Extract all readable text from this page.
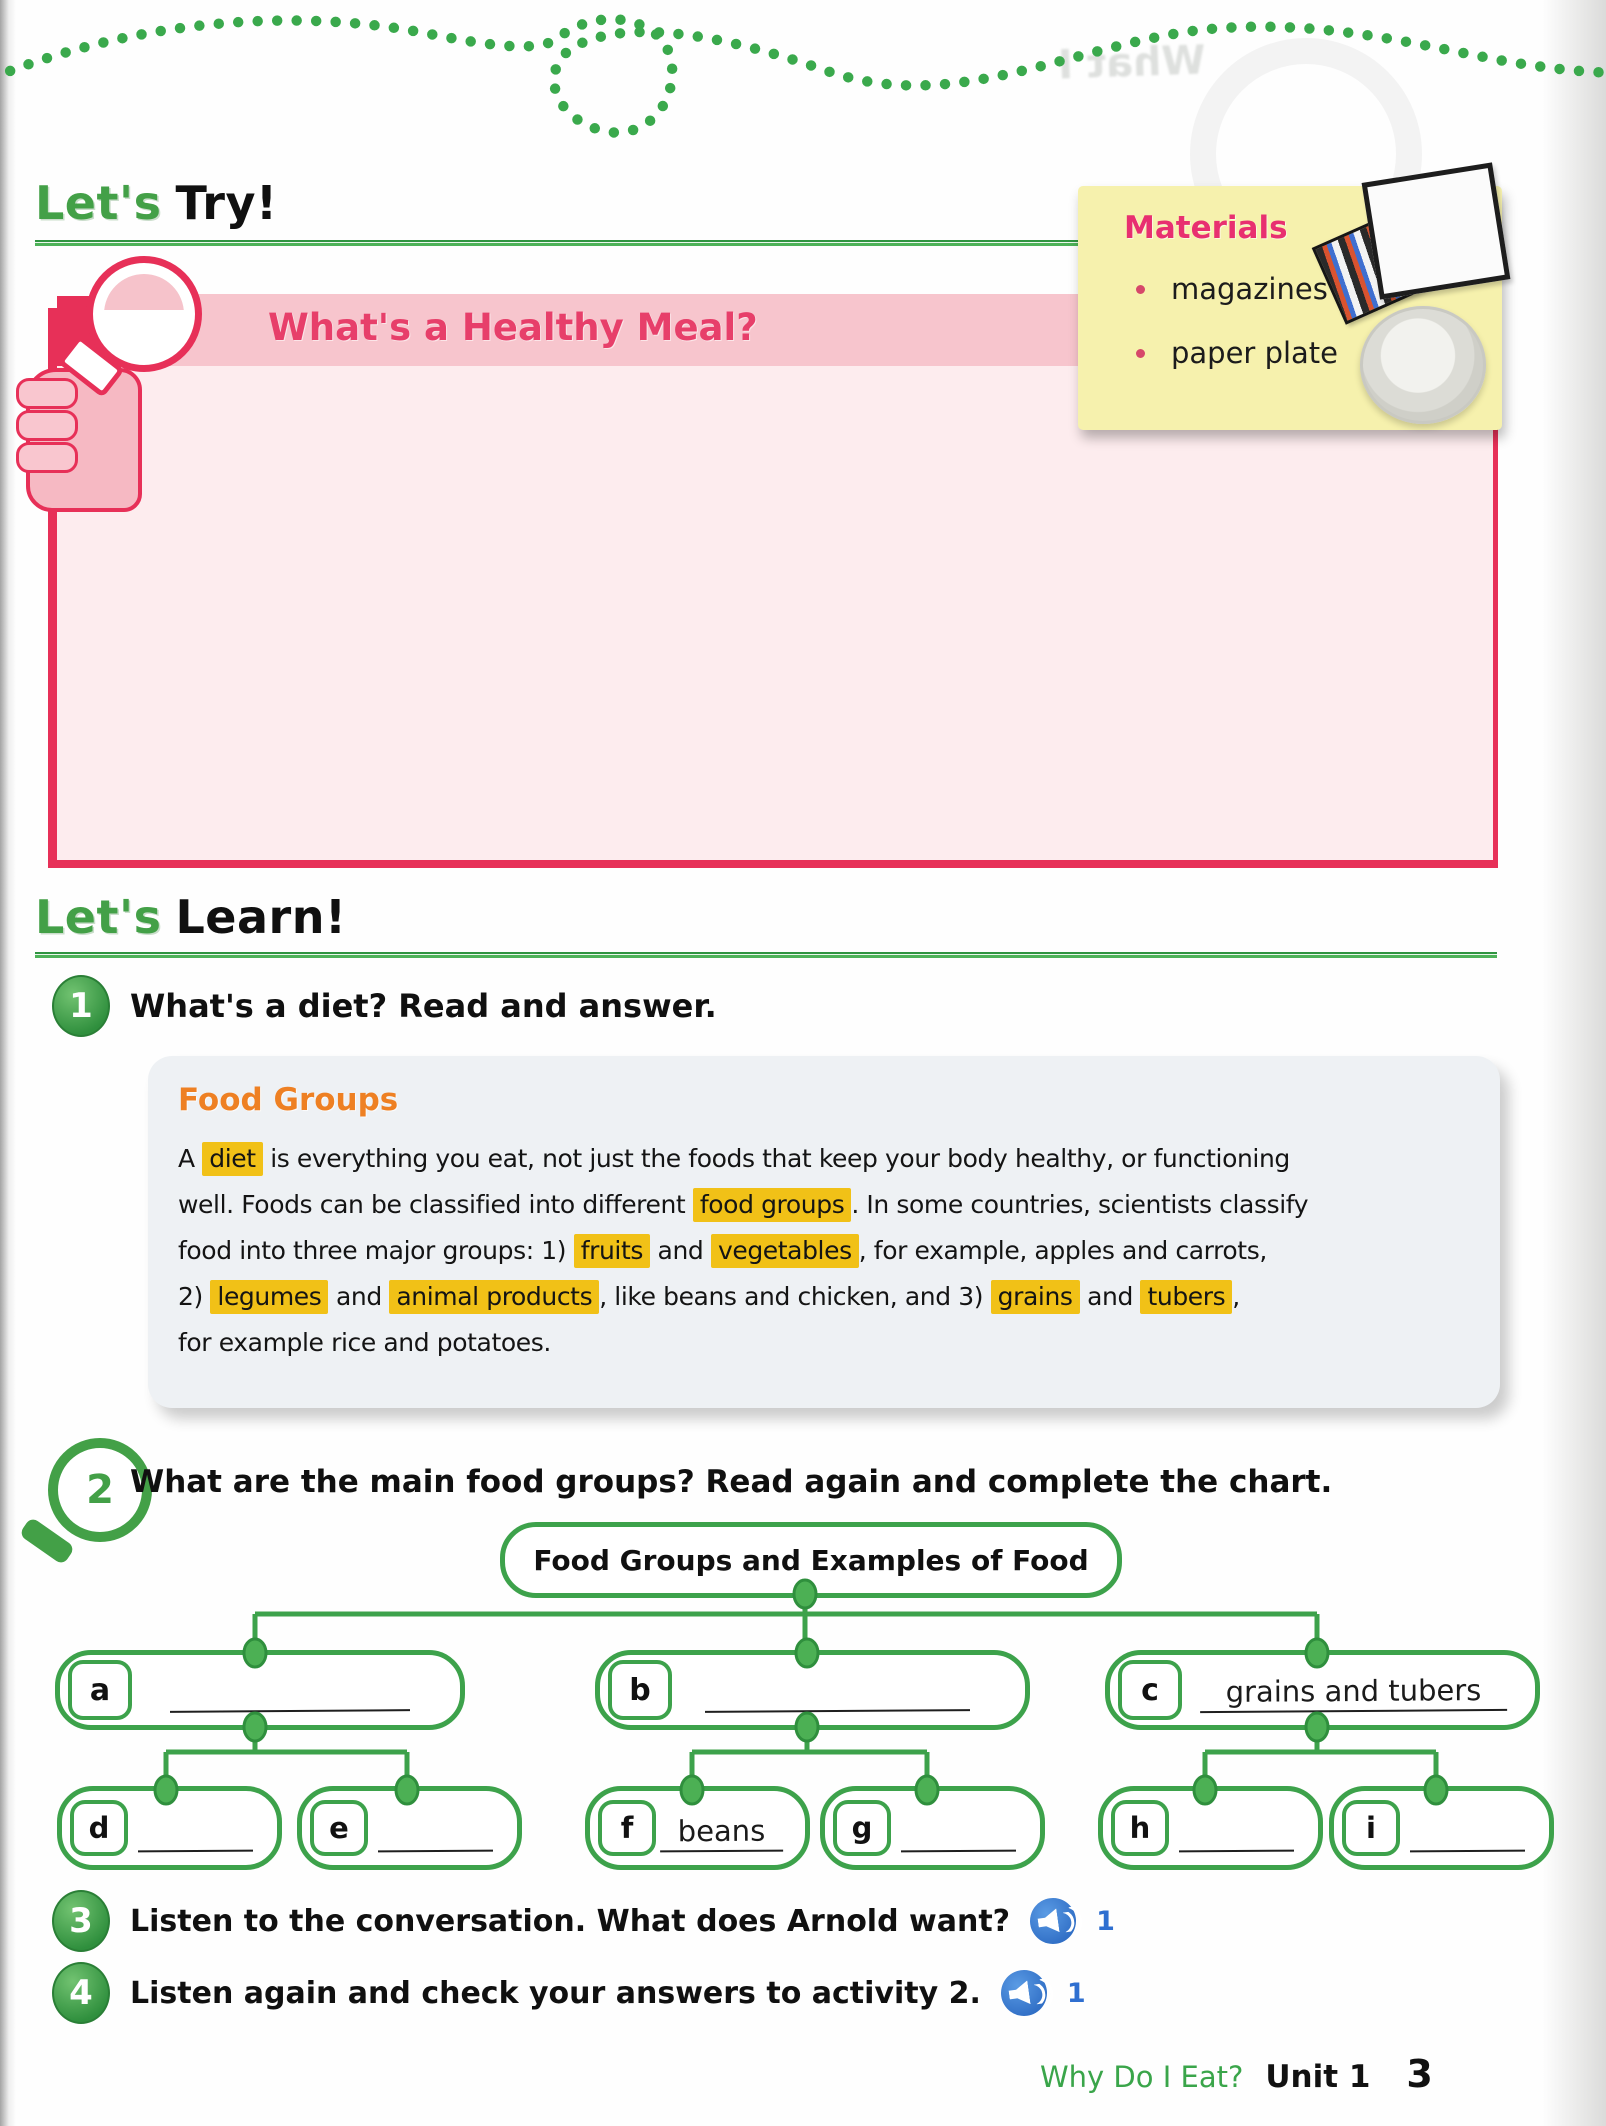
What I
Let's Try!
What's a Healthy Meal?
Materials
magazines
paper plate
Let's Learn!
1	What's a diet? Read and answer.
Food Groups
A diet is everything you eat, not just the foods that keep your body healthy, or functioning
well. Foods can be classified into different food groups . In some countries, scientists classify
food into three major groups: 1) fruits and vegetables , for example, apples and carrots,
2) legumes and animal products , like beans and chicken, and 3) grains and tubers ,
for example rice and potatoes.
2 What are the main food groups? Read again and complete the chart.
Food Groups and Examples of Food
a	b	c	grains and tubers
d	e	f	beans	g	h	i
3	Listen to the conversation. What does Arnold want?	1
4	Listen again and check your answers to activity 2.	1
Why Do I Eat? Unit 1 3
